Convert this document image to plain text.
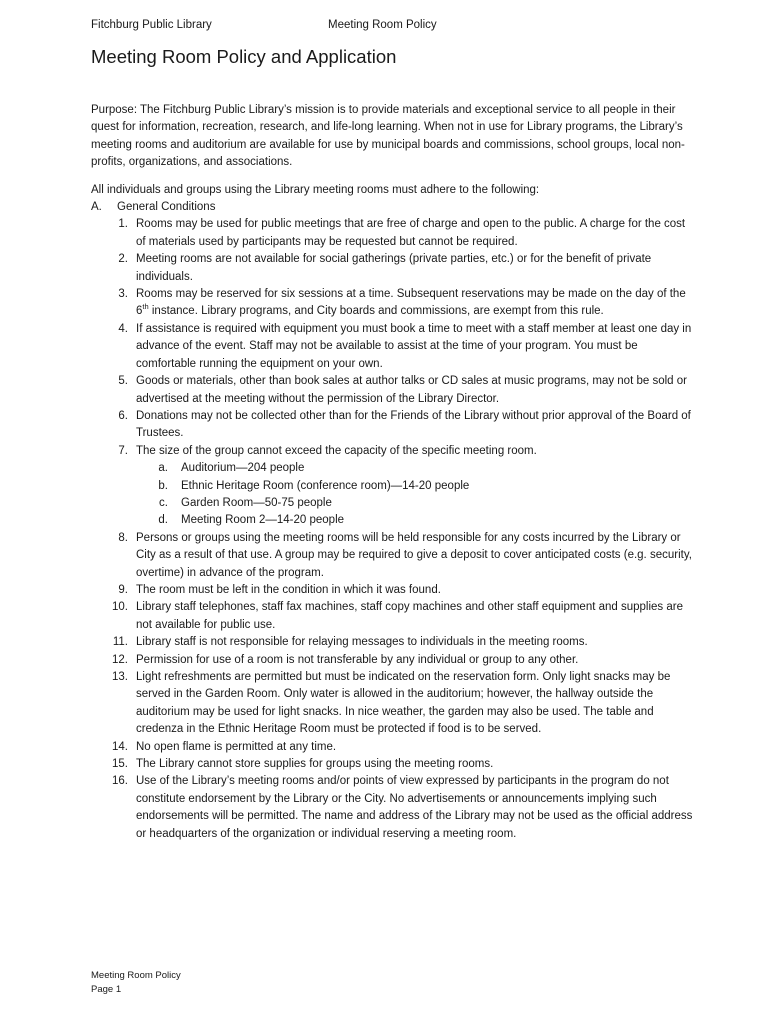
Fitchburg Public Library	Meeting Room Policy
Meeting Room Policy and Application

Purpose: The Fitchburg Public Library’s mission is to provide materials and exceptional service to all people in their quest for information, recreation, research, and life-long learning. When not in use for Library programs, the Library’s meeting rooms and auditorium are available for use by municipal boards and commissions, school groups, local non-profits, organizations, and associations.

All individuals and groups using the Library meeting rooms must adhere to the following:

A. General Conditions
1. Rooms may be used for public meetings that are free of charge and open to the public. A charge for the cost of materials used by participants may be requested but cannot be required.
2. Meeting rooms are not available for social gatherings (private parties, etc.) or for the benefit of private individuals.
3. Rooms may be reserved for six sessions at a time. Subsequent reservations may be made on the day of the 6th instance. Library programs, and City boards and commissions, are exempt from this rule.
4. If assistance is required with equipment you must book a time to meet with a staff member at least one day in advance of the event. Staff may not be available to assist at the time of your program. You must be comfortable running the equipment on your own.
5. Goods or materials, other than book sales at author talks or CD sales at music programs, may not be sold or advertised at the meeting without the permission of the Library Director.
6. Donations may not be collected other than for the Friends of the Library without prior approval of the Board of Trustees.
7. The size of the group cannot exceed the capacity of the specific meeting room.
a. Auditorium—204 people
b. Ethnic Heritage Room (conference room)—14-20 people
c. Garden Room—50-75 people
d. Meeting Room 2—14-20 people
8. Persons or groups using the meeting rooms will be held responsible for any costs incurred by the Library or City as a result of that use. A group may be required to give a deposit to cover anticipated costs (e.g. security, overtime) in advance of the program.
9. The room must be left in the condition in which it was found.
10. Library staff telephones, staff fax machines, staff copy machines and other staff equipment and supplies are not available for public use.
11. Library staff is not responsible for relaying messages to individuals in the meeting rooms.
12. Permission for use of a room is not transferable by any individual or group to any other.
13. Light refreshments are permitted but must be indicated on the reservation form. Only light snacks may be served in the Garden Room. Only water is allowed in the auditorium; however, the hallway outside the auditorium may be used for light snacks. In nice weather, the garden may also be used. The table and credenza in the Ethnic Heritage Room must be protected if food is to be served.
14. No open flame is permitted at any time.
15. The Library cannot store supplies for groups using the meeting rooms.
16. Use of the Library’s meeting rooms and/or points of view expressed by participants in the program do not constitute endorsement by the Library or the City. No advertisements or announcements implying such endorsements will be permitted. The name and address of the Library may not be used as the official address or headquarters of the organization or individual reserving a meeting room.
Meeting Room Policy
Page 1
